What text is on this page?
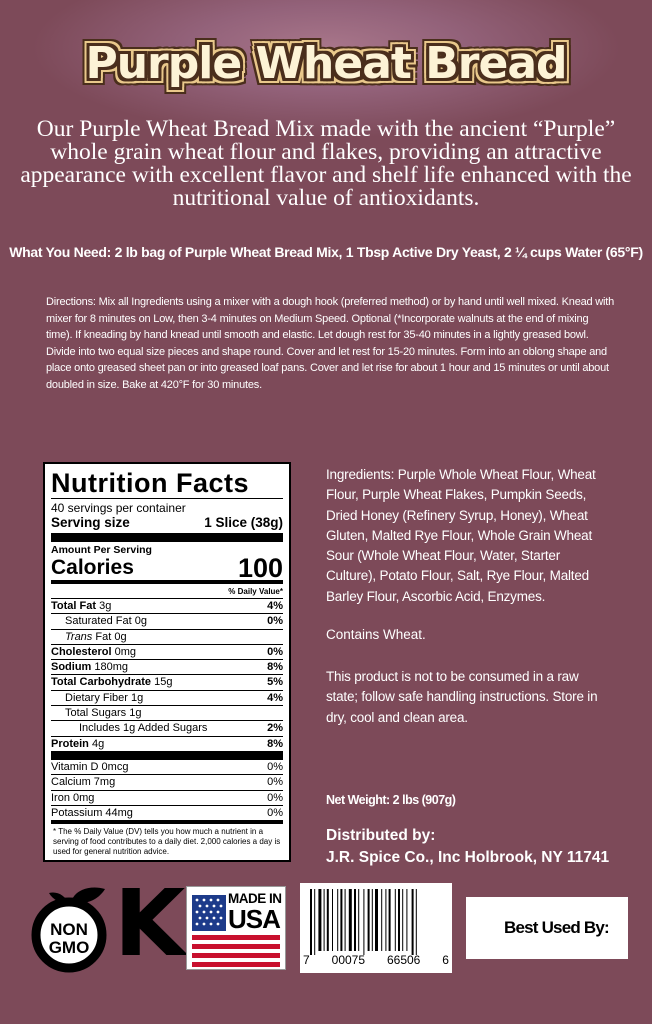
Purple Wheat Bread
Our Purple Wheat Bread Mix made with the ancient “Purple” whole grain wheat flour and flakes, providing an attractive appearance with excellent flavor and shelf life enhanced with the nutritional value of antioxidants.
What You Need: 2 lb bag of Purple Wheat Bread Mix, 1 Tbsp Active Dry Yeast, 2 ¼ cups Water (65°F)
Directions: Mix all Ingredients using a mixer with a dough hook (preferred method) or by hand until well mixed. Knead with mixer for 8 minutes on Low, then 3-4 minutes on Medium Speed. Optional (*Incorporate walnuts at the end of mixing time). If kneading by hand knead until smooth and elastic. Let dough rest for 35-40 minutes in a lightly greased bowl. Divide into two equal size pieces and shape round. Cover and let rest for 15-20 minutes. Form into an oblong shape and place onto greased sheet pan or into greased loaf pans. Cover and let rise for about 1 hour and 15 minutes or until about doubled in size. Bake at 420°F for 30 minutes.
Nutrition Facts
40 servings per container
Serving size	1 Slice (38g)
Amount Per Serving
Calories	100
% Daily Value*
Total Fat 3g	4%
Saturated Fat 0g	0%
Trans Fat 0g
Cholesterol 0mg	0%
Sodium 180mg	8%
Total Carbohydrate 15g	5%
Dietary Fiber 1g	4%
Total Sugars 1g
Includes 1g Added Sugars	2%
Protein 4g	8%
Vitamin D 0mcg	0%
Calcium 7mg	0%
Iron 0mg	0%
Potassium 44mg	0%
* The % Daily Value (DV) tells you how much a nutrient in a serving of food contributes to a daily diet. 2,000 calories a day is used for general nutrition advice.
Ingredients: Purple Whole Wheat Flour, Wheat Flour, Purple Wheat Flakes, Pumpkin Seeds, Dried Honey (Refinery Syrup, Honey), Wheat Gluten, Malted Rye Flour, Whole Grain Wheat Sour (Whole Wheat Flour, Water, Starter Culture), Potato Flour, Salt, Rye Flour, Malted Barley Flour, Ascorbic Acid, Enzymes.
Contains Wheat.
This product is not to be consumed in a raw state; follow safe handling instructions. Store in dry, cool and clean area.
Net Weight: 2 lbs (907g)
Distributed by:
J.R. Spice Co., Inc Holbrook, NY 11741
NON
GMO K	MADE IN
USA
7 00075 66506 6
Best Used By:
